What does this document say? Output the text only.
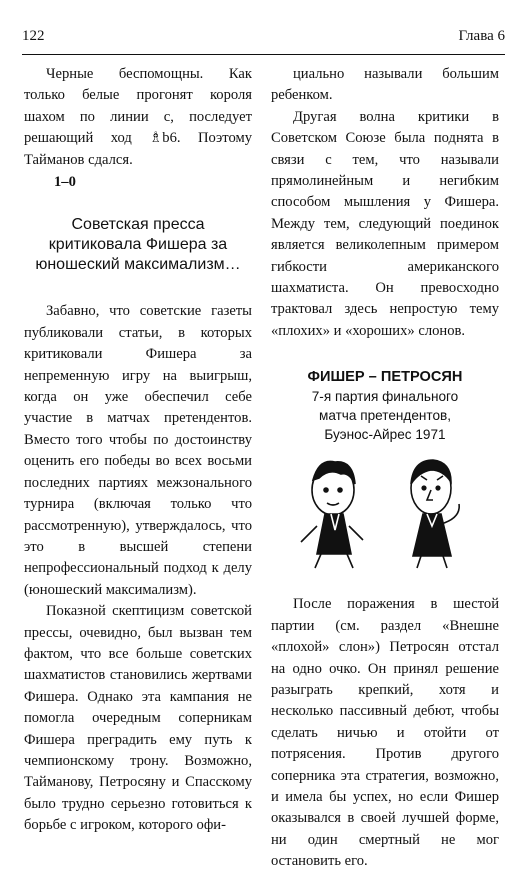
122	Глава 6

Черные беспомощны. Как только белые прогонят короля шахом по линии c, последует решающий ход ♗b6. Поэтому Тайманов сдался.

1–0

Советская пресса критиковала Фишера за юношеский максимализм…

Забавно, что советские газеты публиковали статьи, в которых критиковали Фишера за непременную игру на выигрыш, когда он уже обеспечил себе участие в матчах претендентов. Вместо того чтобы по достоинству оценить его победы во всех восьми последних партиях межзонального турнира (включая только что рассмотренную), утверждалось, что это в высшей степени непрофессиональный подход к делу (юношеский максимализм).

Показной скептицизм советской прессы, очевидно, был вызван тем фактом, что все больше советских шахматистов становились жертвами Фишера. Однако эта кампания не помогла очередным соперникам Фишера преградить ему путь к чемпионскому трону. Возможно, Тайманову, Петросяну и Спасскому было трудно серьезно готовиться к борьбе с игроком, которого офи-

циально называли большим ребенком.

Другая волна критики в Советском Союзе была поднята в связи с тем, что называли прямолинейным и негибким способом мышления у Фишера. Между тем, следующий поединок является великолепным примером гибкости американского шахматиста. Он превосходно трактовал здесь непростую тему «плохих» и «хороших» слонов.

ФИШЕР – ПЕТРОСЯН
7-я партия финального
матча претендентов,
Буэнос-Айрес 1971

После поражения в шестой партии (см. раздел «Внешне «плохой» слон») Петросян отстал на одно очко. Он принял решение разыграть крепкий, хотя и несколько пассивный дебют, чтобы сделать ничью и отойти от потрясения. Против другого соперника эта стратегия, возможно, и имела бы успех, но если Фишер оказывался в своей лучшей форме, ни один смертный не мог остановить его.
